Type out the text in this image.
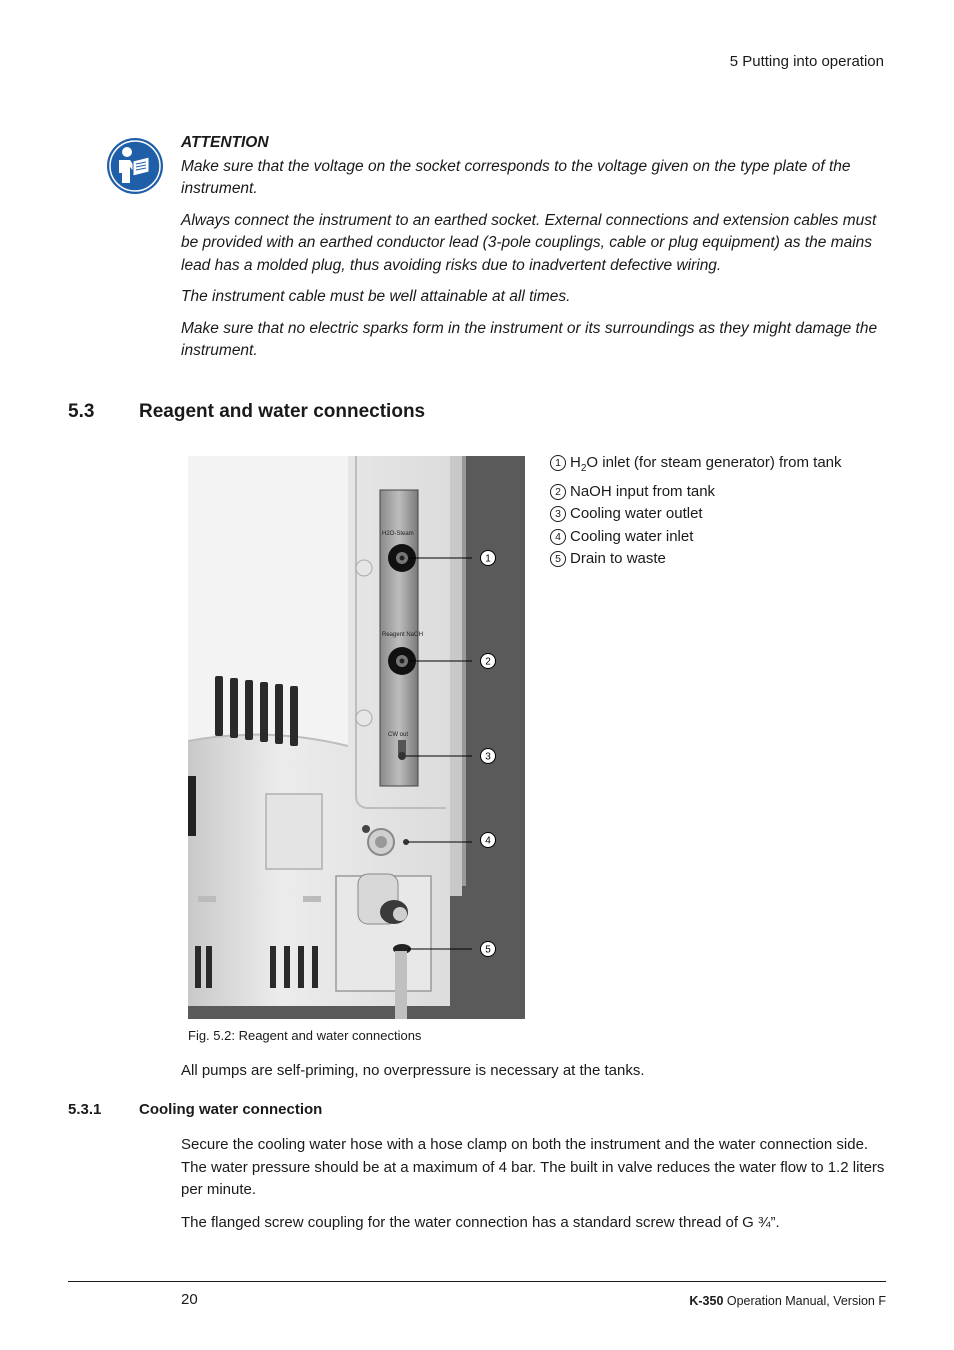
5 Putting into operation
ATTENTION

Make sure that the voltage on the socket corresponds to the voltage given on the type plate of the instrument.

Always connect the instrument to an earthed socket. External connections and extension cables must be provided with an earthed conductor lead (3-pole couplings, cable or plug equipment) as the mains lead has a molded plug, thus avoiding risks due to inadvertent defective wiring.

The instrument cable must be well attainable at all times.

Make sure that no electric sparks form in the instrument or its surroundings as they might damage the instrument.

5.3 Reagent and water connections
H2O-Steam
Reagent NaOH
CW out
1
2
3
4
5
1 $H_2O$ inlet (for steam generator) from tank
2 NaOH input from tank
3 Cooling water outlet
4 Cooling water inlet
5 Drain to waste
Fig. 5.2: Reagent and water connections
All pumps are self-priming, no overpressure is necessary at the tanks.
5.3.1	Cooling water connection
Secure the cooling water hose with a hose clamp on both the instrument and the water connection side. The water pressure should be at a maximum of 4 bar. The built in valve reduces the water flow to 1.2 liters per minute.
The flanged screw coupling for the water connection has a standard screw thread of G ¾”.
20	K-350 Operation Manual, Version F
